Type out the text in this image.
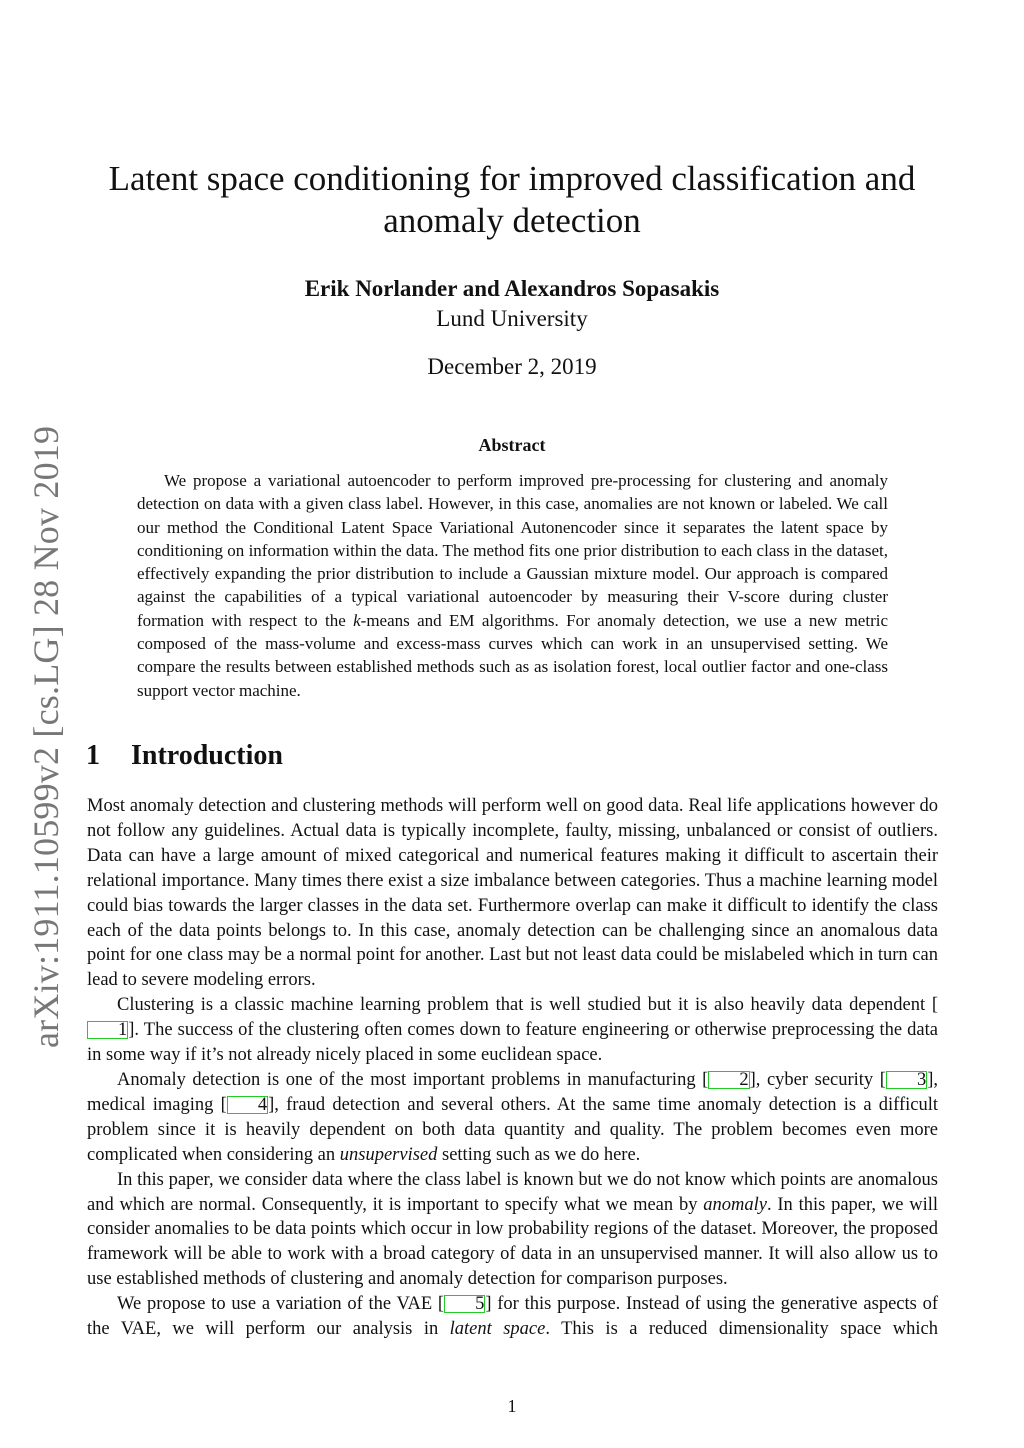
arXiv:1911.10599v2 [cs.LG] 28 Nov 2019
Latent space conditioning for improved classification and anomaly detection
Erik Norlander and Alexandros Sopasakis
Lund University
December 2, 2019
Abstract

We propose a variational autoencoder to perform improved pre-processing for clustering and anomaly detection on data with a given class label. However, in this case, anomalies are not known or labeled. We call our method the Conditional Latent Space Variational Autonencoder since it separates the latent space by conditioning on information within the data. The method fits one prior distribution to each class in the dataset, effectively expanding the prior distribution to include a Gaussian mixture model. Our approach is compared against the capabilities of a typical variational autoencoder by measuring their V-score during cluster formation with respect to the k-means and EM algorithms. For anomaly detection, we use a new metric composed of the mass-volume and excess-mass curves which can work in an unsupervised setting. We compare the results between established methods such as as isolation forest, local outlier factor and one-class support vector machine.

1 Introduction

Most anomaly detection and clustering methods will perform well on good data. Real life applications however do not follow any guidelines. Actual data is typically incomplete, faulty, missing, unbalanced or consist of outliers. Data can have a large amount of mixed categorical and numerical features making it difficult to ascertain their relational importance. Many times there exist a size imbalance between categories. Thus a machine learning model could bias towards the larger classes in the data set. Furthermore overlap can make it difficult to identify the class each of the data points belongs to. In this case, anomaly detection can be challenging since an anomalous data point for one class may be a normal point for another. Last but not least data could be mislabeled which in turn can lead to severe modeling errors.

Clustering is a classic machine learning problem that is well studied but it is also heavily data dependent [1]. The success of the clustering often comes down to feature engineering or otherwise preprocessing the data in some way if it’s not already nicely placed in some euclidean space.

Anomaly detection is one of the most important problems in manufacturing [ 2], cyber security [ 3], medical imaging [ 4], fraud detection and several others. At the same time anomaly detection is a difficult problem since it is heavily dependent on both data quantity and quality. The problem becomes even more complicated when considering an unsupervised setting such as we do here.

In this paper, we consider data where the class label is known but we do not know which points are anomalous and which are normal. Consequently, it is important to specify what we mean by anomaly. In this paper, we will consider anomalies to be data points which occur in low probability regions of the dataset. Moreover, the proposed framework will be able to work with a broad category of data in an unsupervised manner. It will also allow us to use established methods of clustering and anomaly detection for comparison purposes.

We propose to use a variation of the VAE [ 5] for this purpose. Instead of using the generative aspects of the VAE, we will perform our analysis in latent space. This is a reduced dimensionality space which

1
